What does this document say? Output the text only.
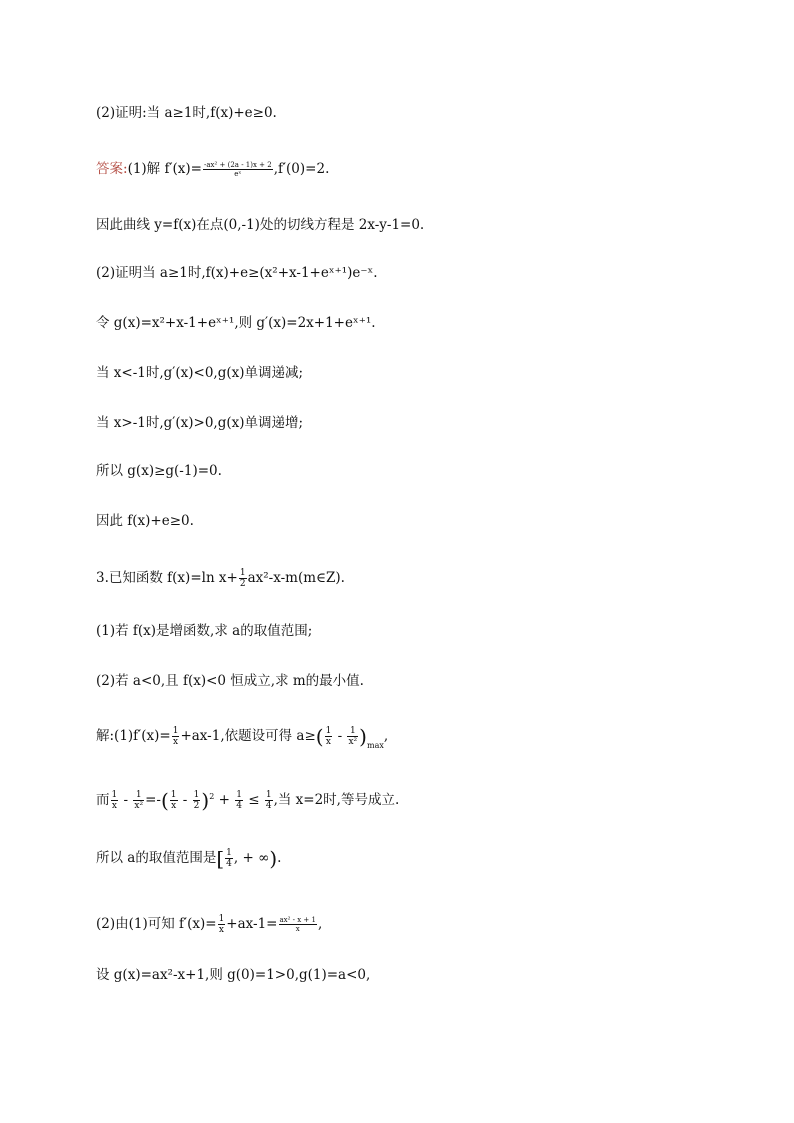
(2)证明:当 a≥1时,f(x)+e≥0.
答案:(1)解 $f'(x)= \frac{\text{-ax² + (2a - 1)x + 2}}{\text{eˣ}} ,f'(0)=2$.
因此曲线 y=f(x)在点(0,-1)处的切线方程是 2x-y-1=0.
(2)证明当 a≥1时,f(x)+e≥(x²+x-1+eˣ⁺¹)e⁻ˣ.
令 g(x)=x²+x-1+eˣ⁺¹,则 g′(x)=2x+1+eˣ⁺¹.
当 x<-1时,g′(x)<0,g(x)单调递减;
当 x>-1时,g′(x)>0,g(x)单调递增;
所以 g(x)≥g(-1)=0.
因此 f(x)+e≥0.
3.已知函数 f(x)=ln $x+ \frac{1}{2}$ ax²-x-m(m∈Z).
(1)若 f(x)是增函数,求 a的取值范围;
(2)若 a<0,且 f(x)<0 恒成立,求 m的最小值.
解:(1)f′(x)= $\frac{1}{x} +ax-1$,依题设可得 $a\ge( \frac{1}{x} - \frac{1}{\text{x²}} )_{max}$,
而 $\frac{1}{x} - \frac{1}{\text{x²}}$ =-( $\frac{1}{x} - \frac{1}{2} )^2 + \frac{1}{4} \le \frac{1}{4}$ ,当 x=2时,等号成立.
所以 a的取值范围是[ $\frac{1}{4}$ , + ∞).
(2)由(1)可知 $f'(x)= \frac{1}{x} +ax-1= \frac{\text{ax² - x + 1}}{x}$ ,
设 g(x)=ax²-x+1,则 g(0)=1>0,g(1)=a<0,
